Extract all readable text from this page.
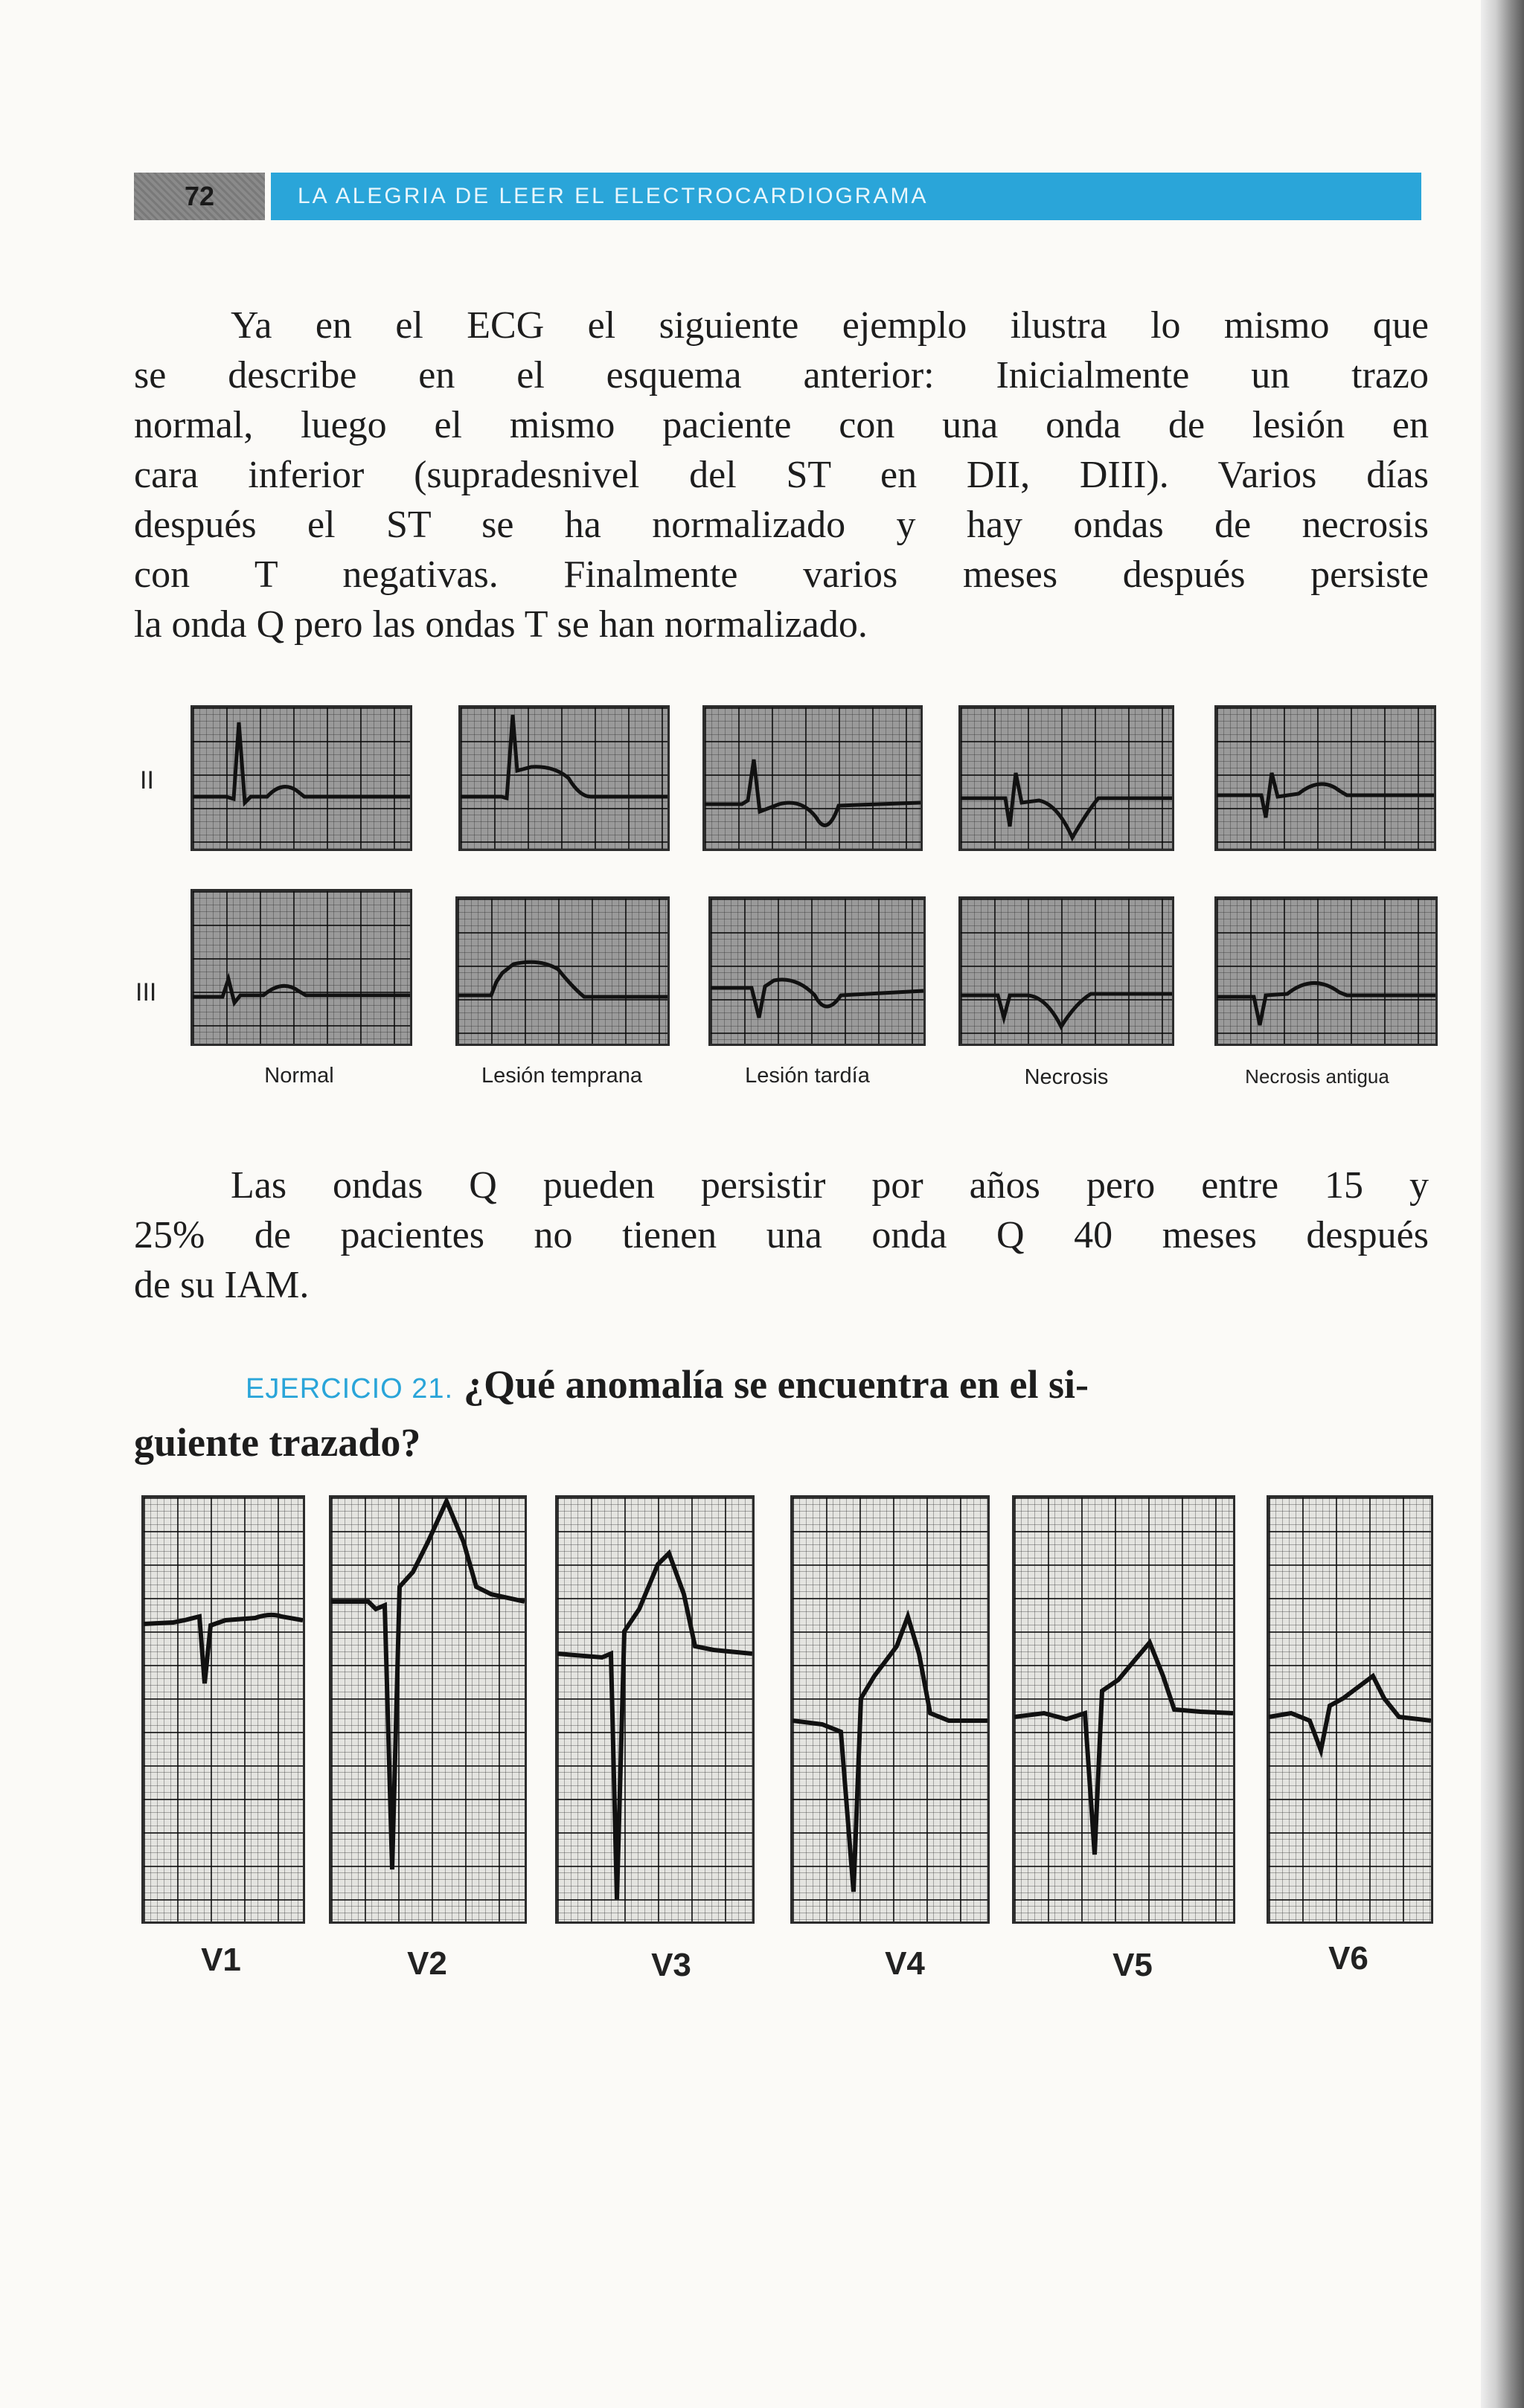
72	LA ALEGRIA DE LEER EL ELECTROCARDIOGRAMA

Ya en el ECG el siguiente ejemplo ilustra lo mismo que
se describe en el esquema anterior: Inicialmente un trazo
normal, luego el mismo paciente con una onda de lesión en
cara inferior (supradesnivel del ST en DII, DIII). Varios días
después el ST se ha normalizado y hay ondas de necrosis
con T negativas. Finalmente varios meses después persiste
la onda Q pero las ondas T se han normalizado.

II
III
Normal	Lesión temprana	Lesión tardía	Necrosis	Necrosis antigua

Las ondas Q pueden persistir por años pero entre 15 y
25% de pacientes no tienen una onda Q 40 meses después
de su IAM.

EJERCICIO 21. ¿Qué anomalía se encuentra en el si-
guiente trazado?
V1	V2	V3	V4	V5	V6
